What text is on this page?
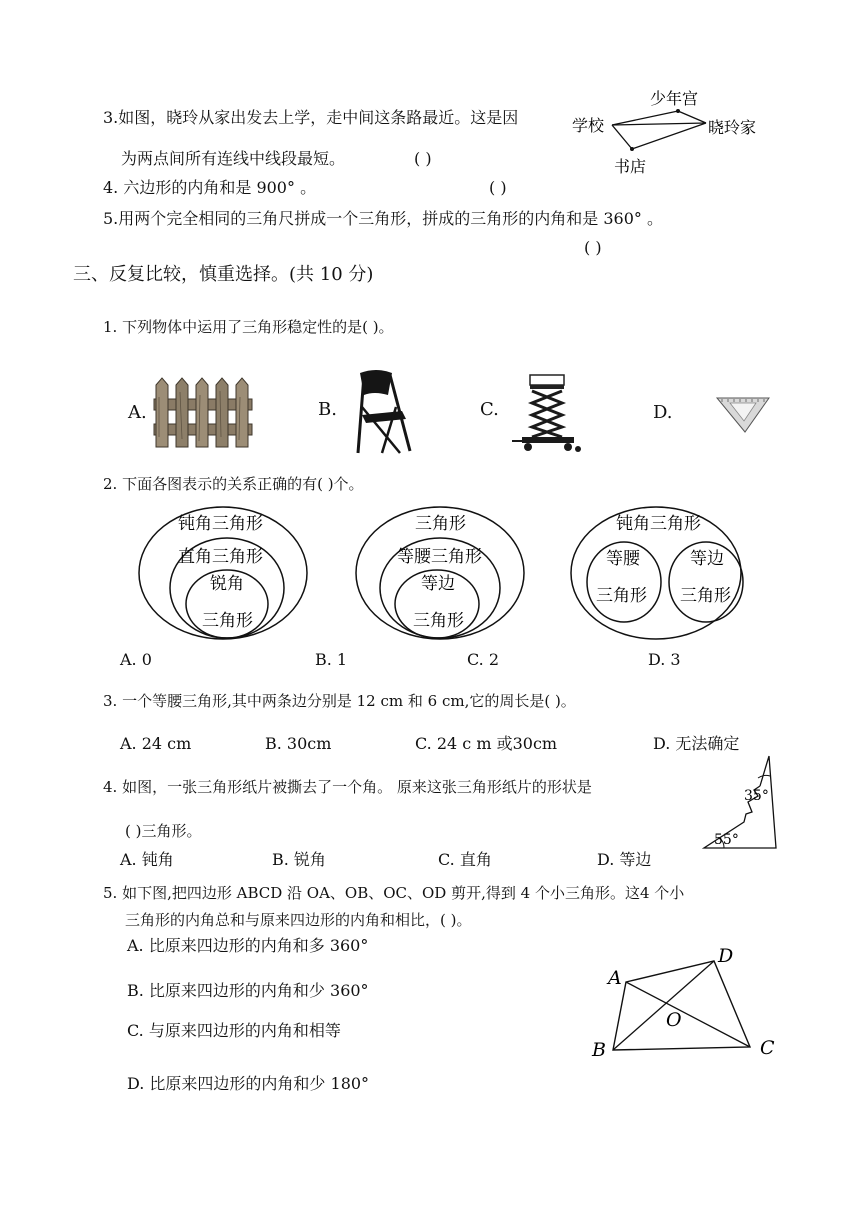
3.如图，晓玲从家出发去上学，走中间这条路最近。这是因
为两点间所有连线中线段最短。	( )
少年宫
学校	晓玲家
书店
4. 六边形的内角和是 900° 。	( )
5.用两个完全相同的三角尺拼成一个三角形，拼成的三角形的内角和是 360° 。
( )
三、反复比较，慎重选择。(共 10 分)
1. 下列物体中运用了三角形稳定性的是( )。
A.	B.	C.	D.
2. 下面各图表示的关系正确的有( )个。
钝角三角形
直角三角形
锐角
三角形
三角形
等腰三角形
等边
三角形
钝角三角形
等腰
三角形
等边
三角形
A. 0	B. 1	C. 2	D. 3
3. 一个等腰三角形,其中两条边分别是 12 cm 和 6 cm,它的周长是( )。
A. 24 cm	B. 30cm	C. 24 c m 或30cm	D. 无法确定
4. 如图，一张三角形纸片被撕去了一个角。 原来这张三角形纸片的形状是
( )三角形。
35°
55°
A. 钝角	B. 锐角	C. 直角	D. 等边
5. 如下图,把四边形 ABCD 沿 OA、OB、OC、OD 剪开,得到 4 个小三角形。这4 个小
三角形的内角总和与原来四边形的内角和相比，( )。
A. 比原来四边形的内角和多 360°
B. 比原来四边形的内角和少 360°
C. 与原来四边形的内角和相等
D. 比原来四边形的内角和少 180°
A
D
O
B	C
